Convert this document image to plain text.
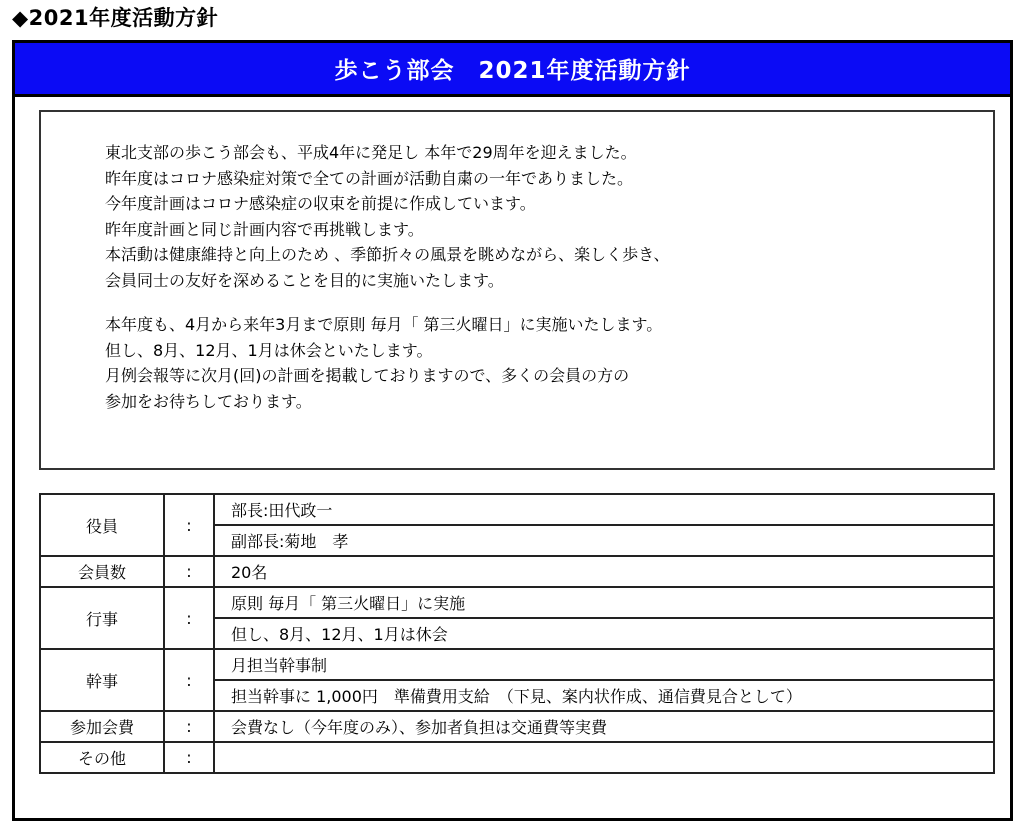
◆2021年度活動方針
歩こう部会　2021年度活動方針
東北支部の歩こう部会も、平成4年に発足し 本年で29周年を迎えました。
昨年度はコロナ感染症対策で全ての計画が活動自粛の一年でありました。
今年度計画はコロナ感染症の収束を前提に作成しています。
昨年度計画と同じ計画内容で再挑戦します。
本活動は健康維持と向上のため 、季節折々の風景を眺めながら、楽しく歩き、
会員同士の友好を深めることを目的に実施いたします。
本年度も、4月から来年3月まで原則 毎月「 第三火曜日」に実施いたします。
但し、8月、12月、1月は休会といたします。
月例会報等に次月(回)の計画を掲載しておりますので、多くの会員の方の
参加をお待ちしております。
役員	:	部長:田代政一
		副部長:菊地　孝
会員数	:	20名
行事	:	原則 毎月「 第三火曜日」に実施
		但し、8月、12月、1月は休会
幹事	:	月担当幹事制
		担当幹事に 1,000円　準備費用支給　（下見、案内状作成、通信費見合として）
参加会費	:	会費なし（今年度のみ）、参加者負担は交通費等実費
その他	:	
